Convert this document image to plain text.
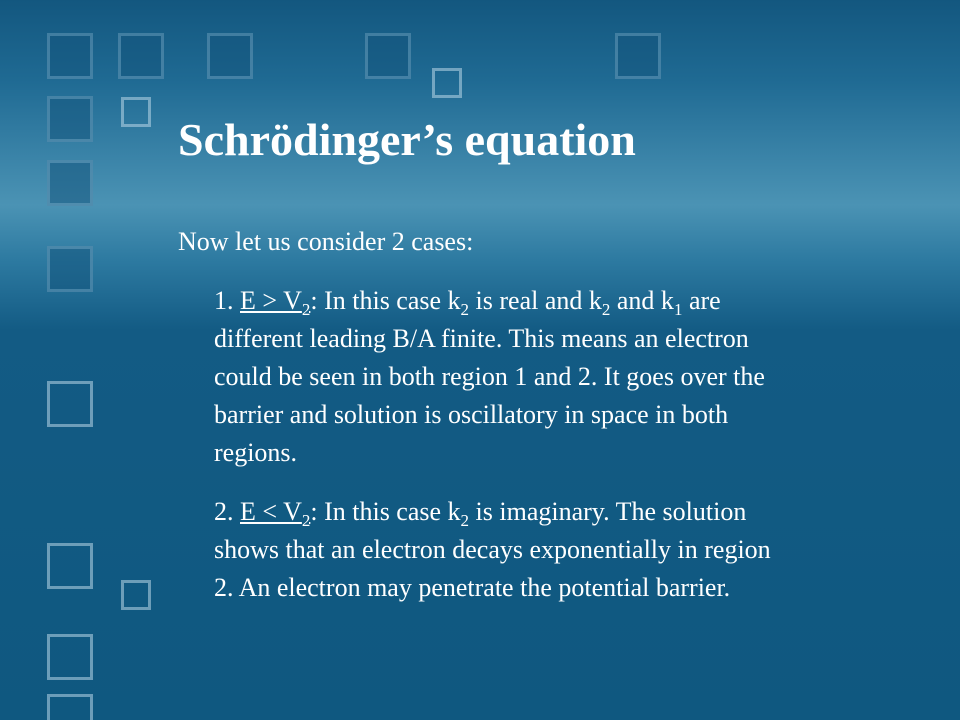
Schrödinger’s equation
Now let us consider 2 cases:
1. $E > V_2$: In this case $k_2$ is real and $k_2$ and $k_1$ are
different leading B/A finite. This means an electron
could be seen in both region 1 and 2. It goes over the
barrier and solution is oscillatory in space in both
regions.
2. $E < V_2$: In this case $k_2$ is imaginary. The solution
shows that an electron decays exponentially in region
2. An electron may penetrate the potential barrier.
